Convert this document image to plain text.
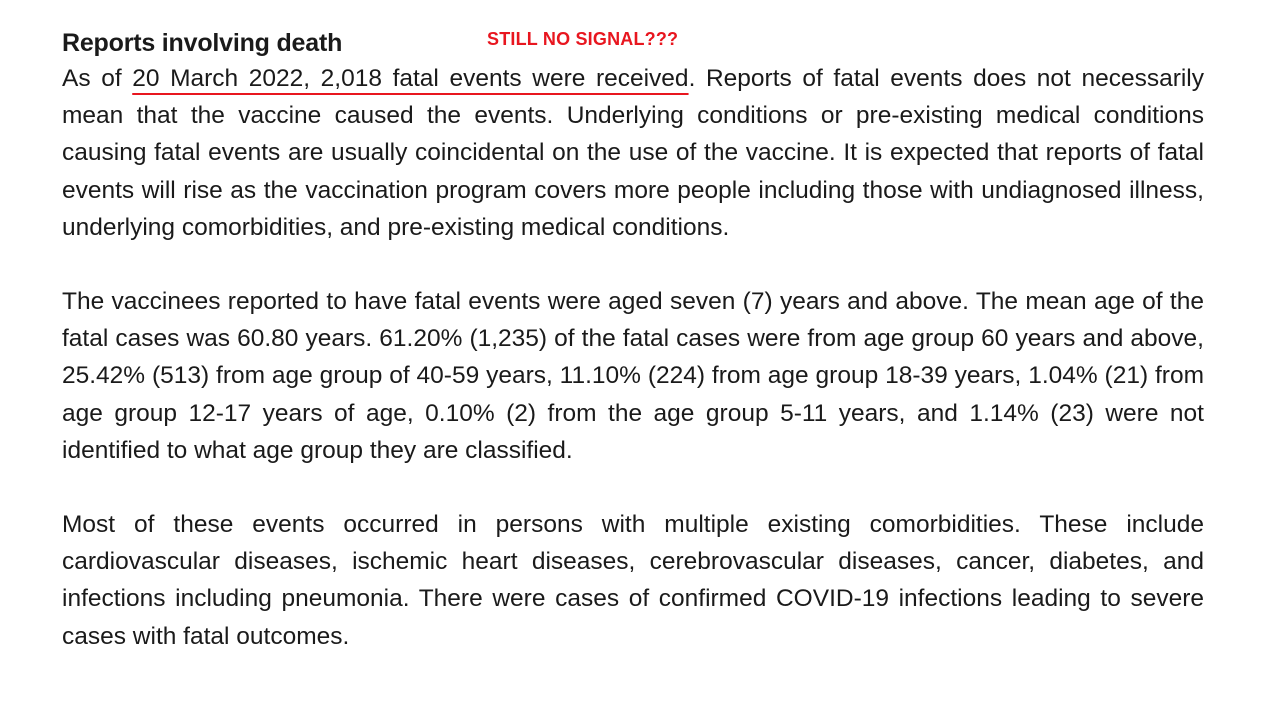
Reports involving death	STILL NO SIGNAL???

As of 20 March 2022, 2,018 fatal events were received. Reports of fatal events does not necessarily mean that the vaccine caused the events. Underlying conditions or pre-existing medical conditions causing fatal events are usually coincidental on the use of the vaccine. It is expected that reports of fatal events will rise as the vaccination program covers more people including those with undiagnosed illness, underlying comorbidities, and pre-existing medical conditions.

The vaccinees reported to have fatal events were aged seven (7) years and above. The mean age of the fatal cases was 60.80 years. 61.20% (1,235) of the fatal cases were from age group 60 years and above, 25.42% (513) from age group of 40-59 years, 11.10% (224) from age group 18-39 years, 1.04% (21) from age group 12-17 years of age, 0.10% (2) from the age group 5-11 years, and 1.14% (23) were not identified to what age group they are classified.

Most of these events occurred in persons with multiple existing comorbidities. These include cardiovascular diseases, ischemic heart diseases, cerebrovascular diseases, cancer, diabetes, and infections including pneumonia. There were cases of confirmed COVID-19 infections leading to severe cases with fatal outcomes.
